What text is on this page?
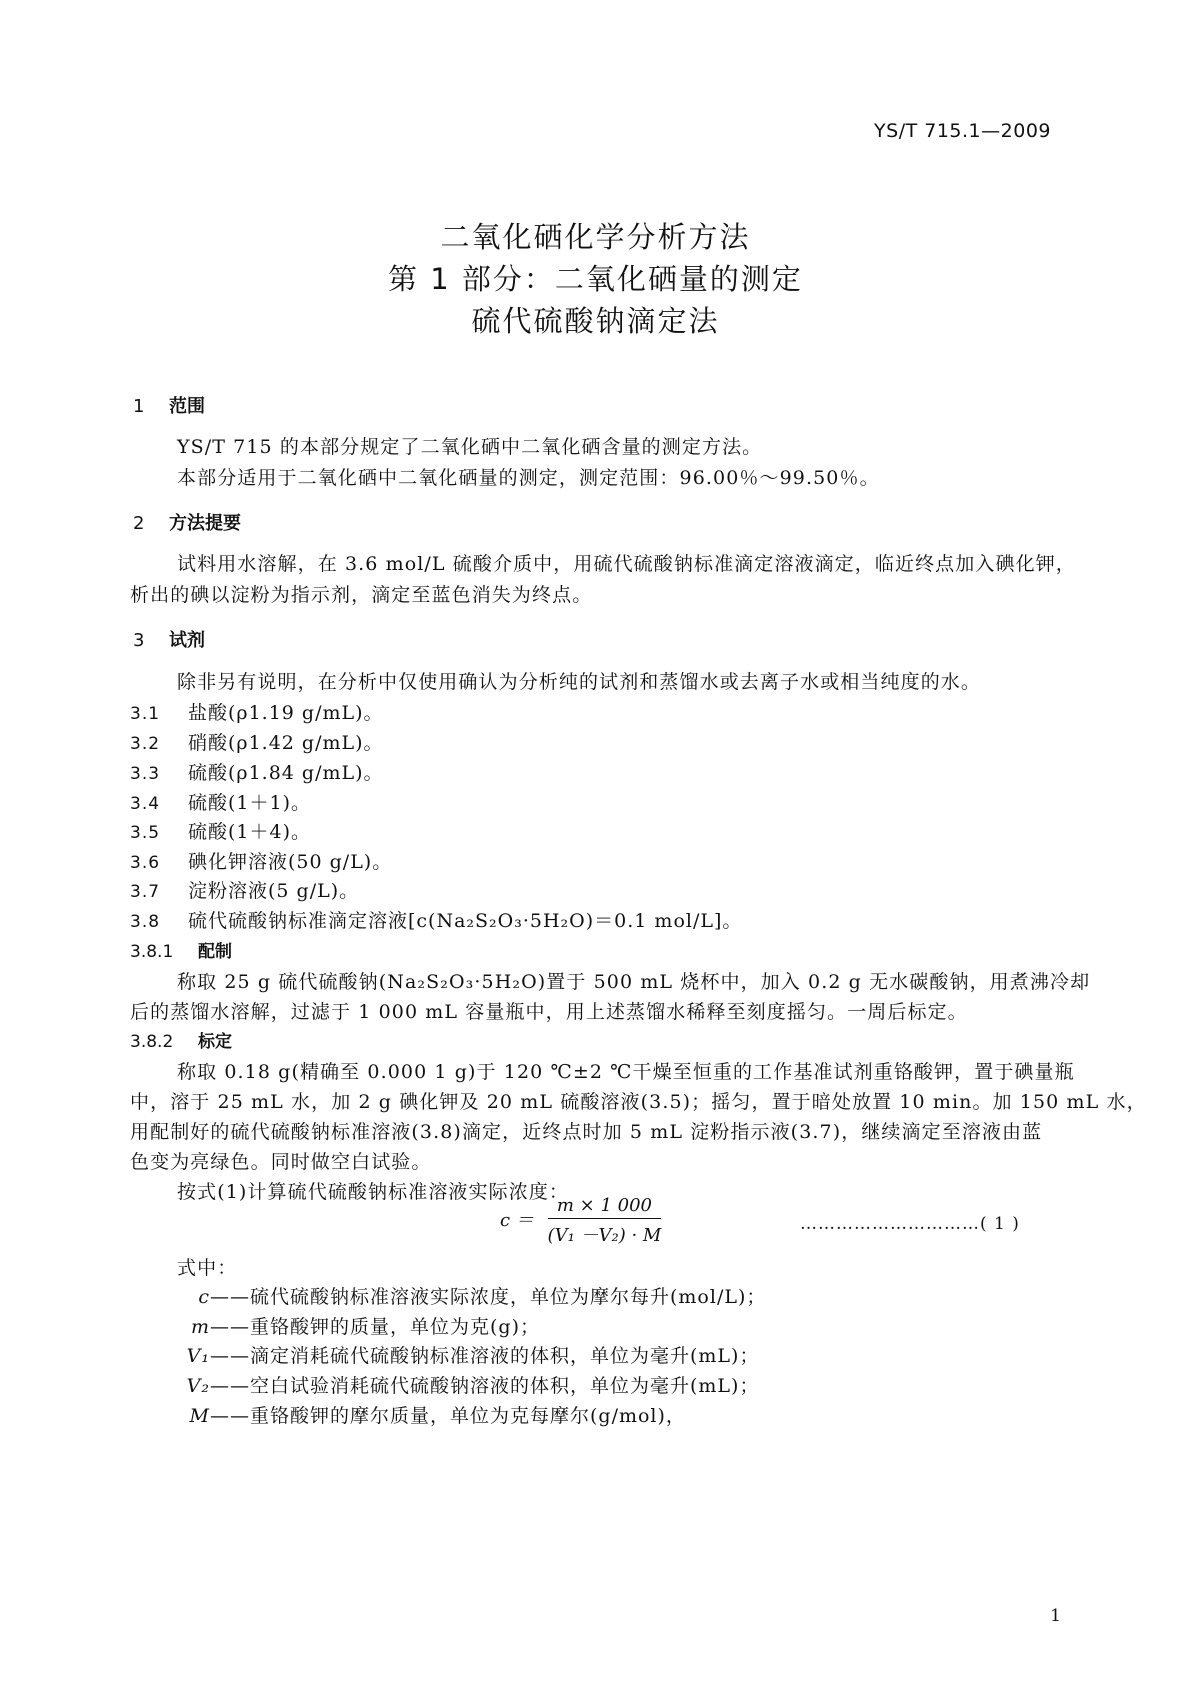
YS/T 715.1—2009
二氧化硒化学分析方法
第 1 部分：二氧化硒量的测定
硫代硫酸钠滴定法
1 范围
YS/T 715 的本部分规定了二氧化硒中二氧化硒含量的测定方法。
本部分适用于二氧化硒中二氧化硒量的测定，测定范围：96.00％～99.50％。
2 方法提要
试料用水溶解，在 3.6 mol/L 硫酸介质中，用硫代硫酸钠标准滴定溶液滴定，临近终点加入碘化钾，
析出的碘以淀粉为指示剂，滴定至蓝色消失为终点。
3 试剂
除非另有说明，在分析中仅使用确认为分析纯的试剂和蒸馏水或去离子水或相当纯度的水。
3.1 盐酸(ρ1.19 g/mL)。
3.2 硝酸(ρ1.42 g/mL)。
3.3 硫酸(ρ1.84 g/mL)。
3.4 硫酸(1＋1)。
3.5 硫酸(1＋4)。
3.6 碘化钾溶液(50 g/L)。
3.7 淀粉溶液(5 g/L)。
3.8 硫代硫酸钠标准滴定溶液[c(Na₂S₂O₃·5H₂O)＝0.1 mol/L]。
3.8.1 配制
称取 25 g 硫代硫酸钠(Na₂S₂O₃·5H₂O)置于 500 mL 烧杯中，加入 0.2 g 无水碳酸钠，用煮沸冷却
后的蒸馏水溶解，过滤于 1 000 mL 容量瓶中，用上述蒸馏水稀释至刻度摇匀。一周后标定。
3.8.2 标定
称取 0.18 g(精确至 0.000 1 g)于 120 ℃±2 ℃干燥至恒重的工作基准试剂重铬酸钾，置于碘量瓶
中，溶于 25 mL 水，加 2 g 碘化钾及 20 mL 硫酸溶液(3.5)；摇匀，置于暗处放置 10 min。加 150 mL 水，
用配制好的硫代硫酸钠标准溶液(3.8)滴定，近终点时加 5 mL 淀粉指示液(3.7)，继续滴定至溶液由蓝
色变为亮绿色。同时做空白试验。
按式(1)计算硫代硫酸钠标准溶液实际浓度：
$c = \frac{m \times 1 000}{\text{(V₁ －V₂) · M}}$	…………………………( 1 )
式中：
c——硫代硫酸钠标准溶液实际浓度，单位为摩尔每升(mol/L)；
m——重铬酸钾的质量，单位为克(g)；
V₁——滴定消耗硫代硫酸钠标准溶液的体积，单位为毫升(mL)；
V₂——空白试验消耗硫代硫酸钠溶液的体积，单位为毫升(mL)；
M——重铬酸钾的摩尔质量，单位为克每摩尔(g/mol)，
1
